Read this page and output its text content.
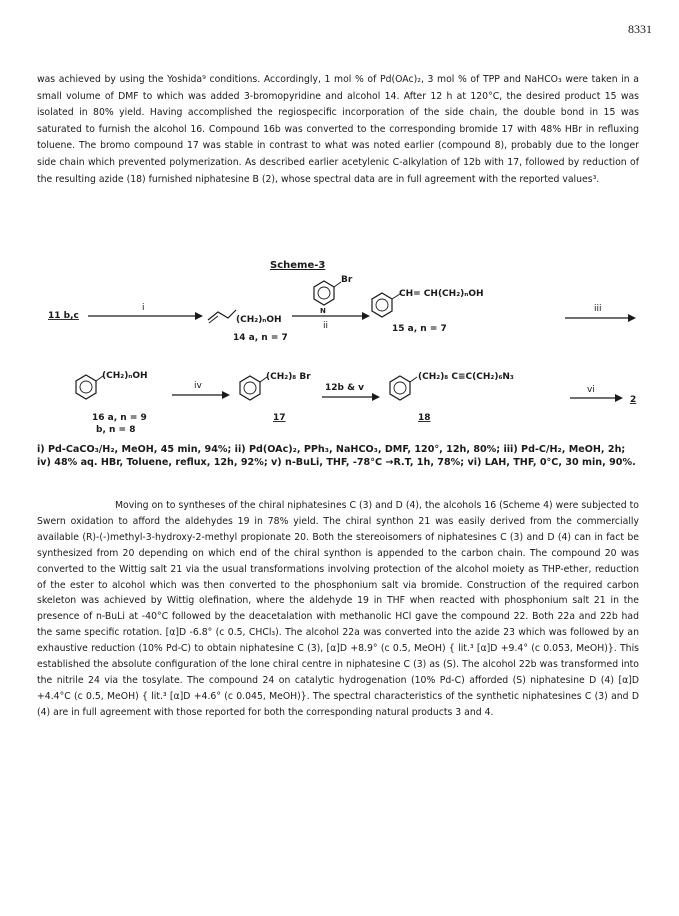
8331

was achieved by using the Yoshida⁹ conditions. Accordingly, 1 mol % of Pd(OAc)₂, 3 mol % of TPP and NaHCO₃ were taken in a small volume of DMF to which was added 3-bromopyridine and alcohol 14. After 12 h at 120°C, the desired product 15 was isolated in 80% yield. Having accomplished the regiospecific incorporation of the side chain, the double bond in 15 was saturated to furnish the alcohol 16. Compound 16b was converted to the corresponding bromide 17 with 48% HBr in refluxing toluene. The bromo compound 17 was stable in contrast to what was noted earlier (compound 8), probably due to the longer side chain which prevented polymerization. As described earlier acetylenic C-alkylation of 12b with 17, followed by reduction of the resulting azide (18) furnished niphatesine B (2), whose spectral data are in full agreement with the reported values³.

Scheme-3
11 b,c
i
(CH₂)ₙOH
14 a, n = 7
ii
Br
N
CH= CH(CH₂)ₙOH
15 a, n = 7
iii

i) Pd-CaCO₃/H₂, MeOH, 45 min, 94%; ii) Pd(OAc)₂, PPh₃, NaHCO₃, DMF, 120°, 12h, 80%; iii) Pd-C/H₂, MeOH, 2h; iv) 48% aq. HBr, Toluene, reflux, 12h, 92%; v) n-BuLi, THF, -78°C →R.T, 1h, 78%; vi) LAH, THF, 0°C, 30 min, 90%.

(CH₂)ₙOH
16 a, n = 9
b, n = 8
iv
(CH₂)₈ Br
17
12b & v
(CH₂)₈ C≡C(CH₂)₆N₃
18
vi
2

Moving on to syntheses of the chiral niphatesines C (3) and D (4), the alcohols 16 (Scheme 4) were subjected to Swern oxidation to afford the aldehydes 19 in 78% yield. The chiral synthon 21 was easily derived from the commercially available (R)-(-)methyl-3-hydroxy-2-methyl propionate 20. Both the stereoisomers of niphatesines C (3) and D (4) can in fact be synthesized from 20 depending on which end of the chiral synthon is appended to the carbon chain. The compound 20 was converted to the Wittig salt 21 via the usual transformations involving protection of the alcohol moiety as THP-ether, reduction of the ester to alcohol which was then converted to the phosphonium salt via bromide. Construction of the required carbon skeleton was achieved by Wittig olefination, where the aldehyde 19 in THF when reacted with phosphonium salt 21 in the presence of n-BuLi at -40°C followed by the deacetalation with methanolic HCl gave the compound 22. Both 22a and 22b had the same specific rotation. [α]D -6.8° (c 0.5, CHCl₃). The alcohol 22a was converted into the azide 23 which was followed by an exhaustive reduction (10% Pd-C) to obtain niphatesine C (3), [α]D +8.9° (c 0.5, MeOH) { lit.³ [α]D +9.4° (c 0.053, MeOH)}. This established the absolute configuration of the lone chiral centre in niphatesine C (3) as (S). The alcohol 22b was transformed into the nitrile 24 via the tosylate. The compound 24 on catalytic hydrogenation (10% Pd-C) afforded (S) niphatesine D (4) [α]D +4.4°C (c 0.5, MeOH) { lit.³ [α]D +4.6° (c 0.045, MeOH)}. The spectral characteristics of the synthetic niphatesines C (3) and D (4) are in full agreement with those reported for both the corresponding natural products 3 and 4.
